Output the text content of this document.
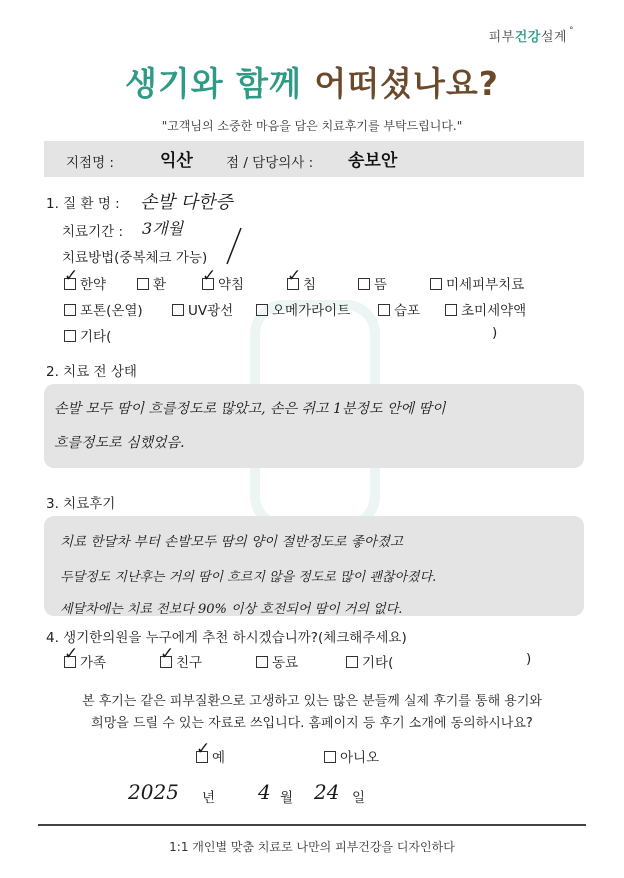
피부건강설계 °
생기와 함께 어떠셨나요?
"고객님의 소중한 마음을 담은 치료후기를 부탁드립니다."
지점명 :	익산 점 / 담당의사 : 송보안
1. 질 환 명 : 손발 다한증
치료기간 : 3개월
치료방법(중복체크 가능)
한약
✓	환	약침
✓	침
✓	뜸	미세피부치료
포톤(온열)	UV광선	오메가라이트	습포	초미세약액
기타(	)
2. 치료 전 상태
손발 모두 땀이 흐를정도로 많았고, 손은 쥐고 1분정도 안에 땀이
흐를정도로 심했었음.
3. 치료후기
치료 한달차 부터 손발모두 땀의 양이 절반정도로 좋아졌고
두달정도 지난후는 거의 땀이 흐르지 않을 정도로 많이 괜찮아졌다.
세달차에는 치료 전보다 90% 이상 호전되어 땀이 거의 없다.
4. 생기한의원을 누구에게 추천 하시겠습니까?(체크해주세요)
가족
✓	친구
✓	동료	기타(	)
본 후기는 같은 피부질환으로 고생하고 있는 많은 분들께 실제 후기를 통해 용기와
희망을 드릴 수 있는 자료로 쓰입니다. 홈페이지 등 후기 소개에 동의하시나요?
예
✓	아니오
2025 년 4 월 24 일
1:1 개인별 맞춤 치료로 나만의 피부건강을 디자인하다
